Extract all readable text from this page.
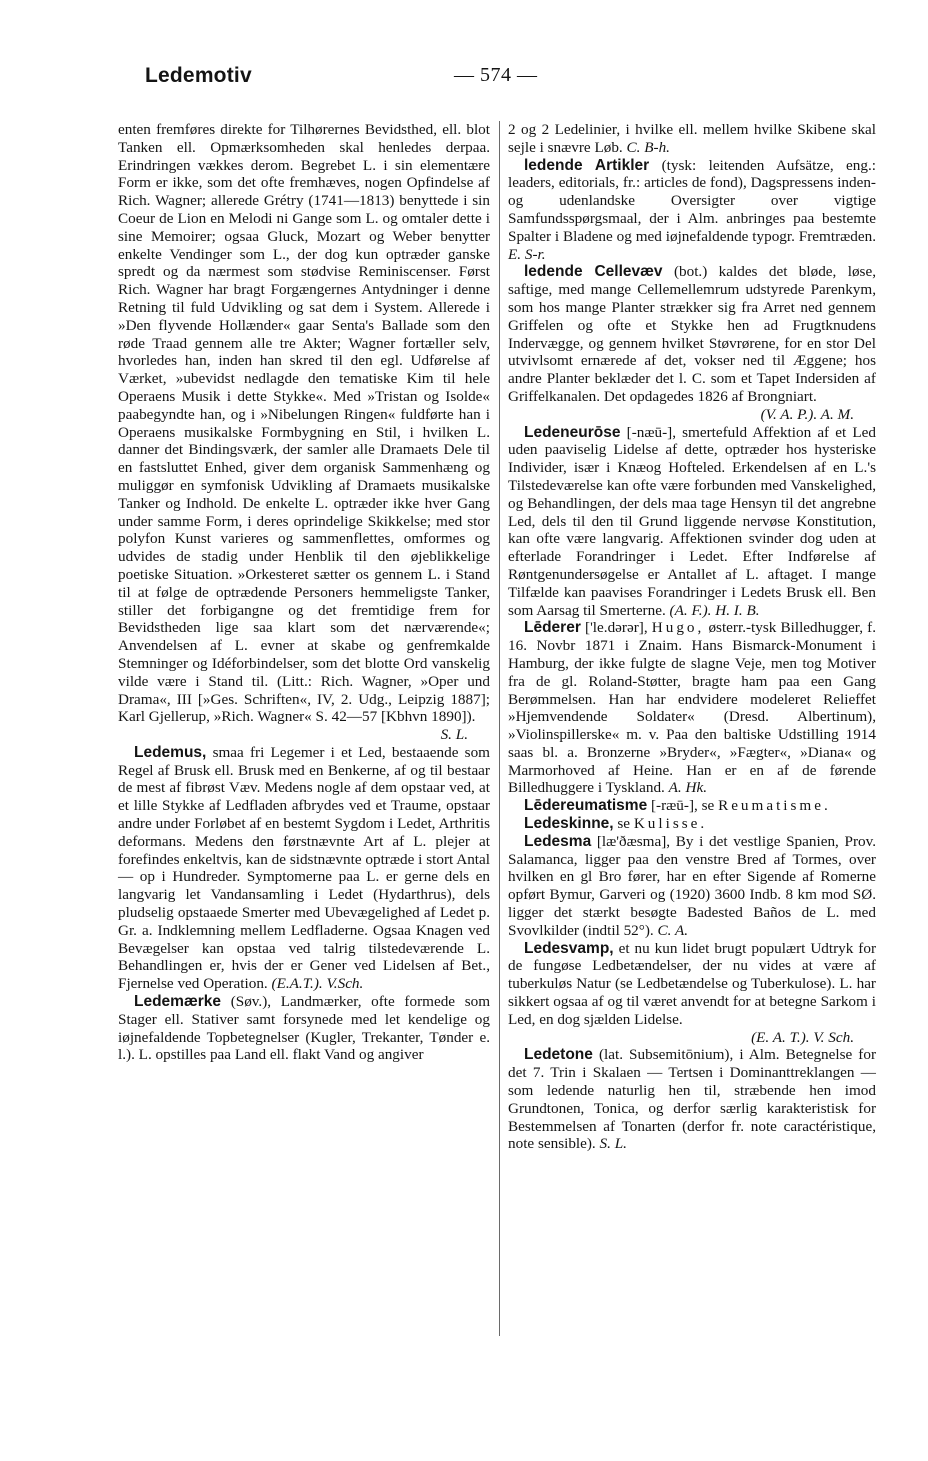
Ledemotiv	— 574 —

enten fremføres direkte for Tilhørernes Bevidsthed, ell. blot Tanken ell. Opmærksomheden skal henledes derpaa. Erindringen vækkes derom. Begrebet L. i sin elementære Form er ikke, som det ofte fremhæves, nogen Opfindelse af Rich. Wagner; allerede Grétry (1741—1813) benyttede i sin Coeur de Lion en Melodi ni Gange som L. og omtaler dette i sine Memoirer; ogsaa Gluck, Mozart og Weber benytter enkelte Vendinger som L., der dog kun optræder ganske spredt og da nærmest som stødvise Reminiscenser. Først Rich. Wagner har bragt Forgængernes Antydninger i denne Retning til fuld Udvikling og sat dem i System. Allerede i »Den flyvende Hollænder« gaar Senta's Ballade som den røde Traad gennem alle tre Akter; Wagner fortæller selv, hvorledes han, inden han skred til den egl. Udførelse af Værket, »ubevidst nedlagde den tematiske Kim til hele Operaens Musik i dette Stykke«. Med »Tristan og Isolde« paabegyndte han, og i »Nibelungen Ringen« fuldførte han i Operaens musikalske Formbygning en Stil, i hvilken L. danner det Bindingsværk, der samler alle Dramaets Dele til en fastsluttet Enhed, giver dem organisk Sammenhæng og muliggør en symfonisk Udvikling af Dramaets musikalske Tanker og Indhold. De enkelte L. optræder ikke hver Gang under samme Form, i deres oprindelige Skikkelse; med stor polyfon Kunst varieres og sammenflettes, omformes og udvides de stadig under Henblik til den øjeblikkelige poetiske Situation. »Orkesteret sætter os gennem L. i Stand til at følge de optrædende Personers hemmeligste Tanker, stiller det forbigangne og det fremtidige frem for Bevidstheden lige saa klart som det nærværende«; Anvendelsen af L. evner at skabe og genfremkalde Stemninger og Idéforbindelser, som det blotte Ord vanskelig vilde være i Stand til. (Litt.: Rich. Wagner, »Oper und Drama«, III [»Ges. Schriften«, IV, 2. Udg., Leipzig 1887]; Karl Gjellerup, »Rich. Wagner« S. 42—57 [Kbhvn 1890]).

S. L.

Ledemus, smaa fri Legemer i et Led, bestaaende som Regel af Brusk ell. Brusk med en Benkerne, af og til bestaar de mest af fibrøst Væv. Medens nogle af dem opstaar ved, at et lille Stykke af Ledfladen afbrydes ved et Traume, opstaar andre under Forløbet af en bestemt Sygdom i Ledet, Arthritis deformans. Medens den førstnævnte Art af L. plejer at forefindes enkeltvis, kan de sidstnævnte optræde i stort Antal — op i Hundreder. Symptomerne paa L. er gerne dels en langvarig let Vandansamling i Ledet (Hydarthrus), dels pludselig opstaaede Smerter med Ubevægelighed af Ledet p. Gr. a. Indklemning mellem Ledfladerne. Ogsaa Knagen ved Bevægelser kan opstaa ved talrig tilstedeværende L. Behandlingen er, hvis der er Gener ved Lidelsen af Bet., Fjernelse ved Operation. (E.A.T.). V.Sch.

Ledemærke (Søv.), Landmærker, ofte formede som Stager ell. Stativer samt forsynede med let kendelige og iøjnefaldende Topbetegnelser (Kugler, Trekanter, Tønder e. l.). L. opstilles paa Land ell. flakt Vand og angiver

2 og 2 Ledelinier, i hvilke ell. mellem hvilke Skibene skal sejle i snævre Løb. C. B-h.

ledende Artikler (tysk: leitenden Aufsätze, eng.: leaders, editorials, fr.: articles de fond), Dagspressens inden- og udenlandske Oversigter over vigtige Samfundsspørgsmaal, der i Alm. anbringes paa bestemte Spalter i Bladene og med iøjnefaldende typogr. Fremtræden. E. S-r.

ledende Cellevæv (bot.) kaldes det bløde, løse, saftige, med mange Cellemellemrum udstyrede Parenkym, som hos mange Planter strækker sig fra Arret ned gennem Griffelen og ofte et Stykke hen ad Frugtknudens Indervægge, og gennem hvilket Støvrørene, for en stor Del utvivlsomt ernærede af det, vokser ned til Æggene; hos andre Planter beklæder det l. C. som et Tapet Indersiden af Griffelkanalen. Det opdagedes 1826 af Brongniart.

(V. A. P.). A. M.

Ledeneurōse [-næū-], smertefuld Affektion af et Led uden paaviselig Lidelse af dette, optræder hos hysteriske Individer, især i Knæog Hofteled. Erkendelsen af en L.'s Tilstedeværelse kan ofte være forbunden med Vanskelighed, og Behandlingen, der dels maa tage Hensyn til det angrebne Led, dels til den til Grund liggende nervøse Konstitution, kan ofte være langvarig. Affektionen svinder dog uden at efterlade Forandringer i Ledet. Efter Indførelse af Røntgenundersøgelse er Antallet af L. aftaget. I mange Tilfælde kan paavises Forandringer i Ledets Brusk ell. Ben som Aarsag til Smerterne. (A. F.). H. I. B.

Lēderer ['le.dərər], Hugo, østerr.-tysk Billedhugger, f. 16. Novbr 1871 i Znaim. Hans Bismarck-Monument i Hamburg, der ikke fulgte de slagne Veje, men tog Motiver fra de gl. Roland-Støtter, bragte ham paa een Gang Berømmelsen. Han har endvidere modeleret Relieffet »Hjemvendende Soldater« (Dresd. Albertinum), »Violinspillerske« m. v. Paa den baltiske Udstilling 1914 saas bl. a. Bronzerne »Bryder«, »Fægter«, »Diana« og Marmorhoved af Heine. Han er en af de førende Billedhuggere i Tyskland. A. Hk.

Lēdereumatisme [-ræū-], se Reumatisme.

Ledeskinne, se Kulisse.

Ledesma [læ'ðæsma], By i det vestlige Spanien, Prov. Salamanca, ligger paa den venstre Bred af Tormes, over hvilken en gl Bro fører, har en efter Sigende af Romerne opført Bymur, Garveri og (1920) 3600 Indb. 8 km mod SØ. ligger det stærkt besøgte Badested Baños de L. med Svovlkilder (indtil 52°). C. A.

Ledesvamp, et nu kun lidet brugt populært Udtryk for de fungøse Ledbetændelser, der nu vides at være af tuberkuløs Natur (se Ledbetændelse og Tuberkulose). L. har sikkert ogsaa af og til været anvendt for at betegne Sarkom i Led, en dog sjælden Lidelse.

(E. A. T.). V. Sch.

Ledetone (lat. Subsemitōnium), i Alm. Betegnelse for det 7. Trin i Skalaen — Tertsen i Dominanttreklangen — som ledende naturlig hen til, stræbende hen imod Grundtonen, Tonica, og derfor særlig karakteristisk for Bestemmelsen af Tonarten (derfor fr. note caractéristique, note sensible). S. L.
